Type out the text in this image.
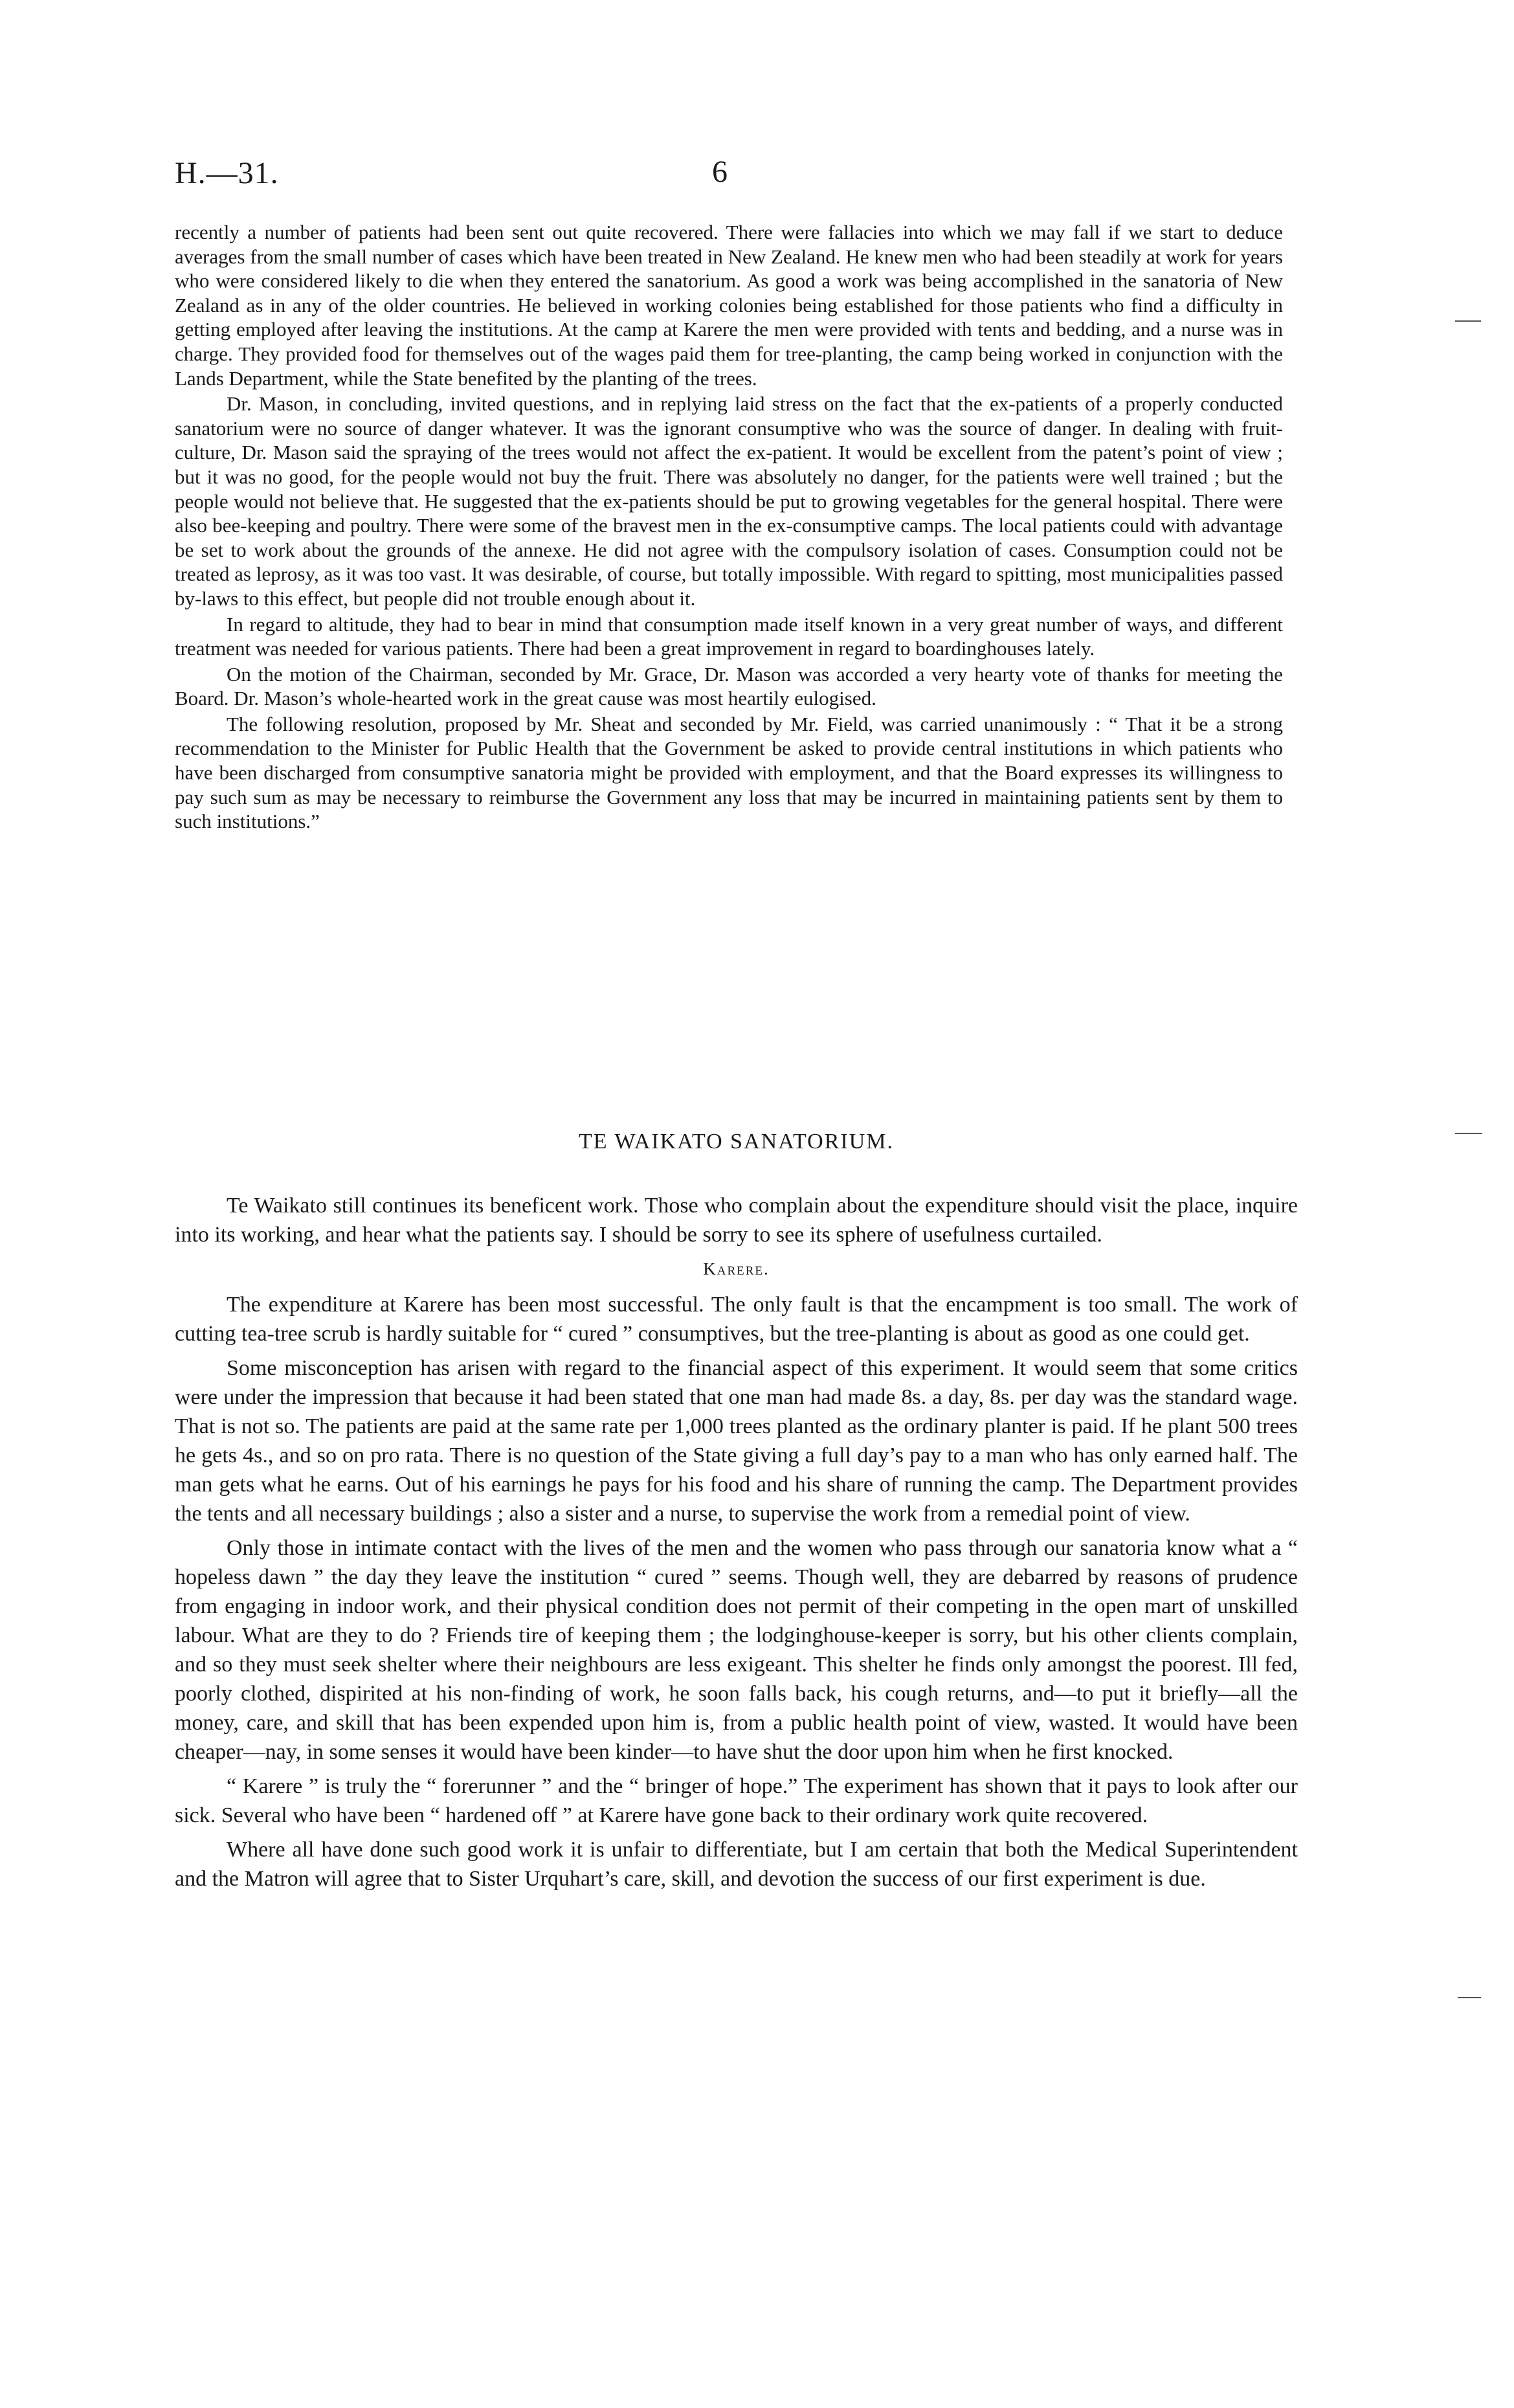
H.—31.	6

recently a number of patients had been sent out quite recovered. There were fallacies into which we may fall if we start to deduce averages from the small number of cases which have been treated in New Zealand. He knew men who had been steadily at work for years who were considered likely to die when they entered the sanatorium. As good a work was being accomplished in the sanatoria of New Zealand as in any of the older countries. He believed in working colonies being established for those patients who find a difficulty in getting employed after leaving the institutions. At the camp at Karere the men were provided with tents and bedding, and a nurse was in charge. They provided food for themselves out of the wages paid them for tree-planting, the camp being worked in conjunction with the Lands Department, while the State benefited by the planting of the trees.

Dr. Mason, in concluding, invited questions, and in replying laid stress on the fact that the ex-patients of a properly conducted sanatorium were no source of danger whatever. It was the ignorant consumptive who was the source of danger. In dealing with fruit-culture, Dr. Mason said the spraying of the trees would not affect the ex-patient. It would be excellent from the patent’s point of view ; but it was no good, for the people would not buy the fruit. There was absolutely no danger, for the patients were well trained ; but the people would not believe that. He suggested that the ex-patients should be put to growing vegetables for the general hospital. There were also bee-keeping and poultry. There were some of the bravest men in the ex-consumptive camps. The local patients could with advantage be set to work about the grounds of the annexe. He did not agree with the compulsory isolation of cases. Consumption could not be treated as leprosy, as it was too vast. It was desirable, of course, but totally impossible. With regard to spitting, most municipalities passed by-laws to this effect, but people did not trouble enough about it.

In regard to altitude, they had to bear in mind that consumption made itself known in a very great number of ways, and different treatment was needed for various patients. There had been a great improvement in regard to boardinghouses lately.

On the motion of the Chairman, seconded by Mr. Grace, Dr. Mason was accorded a very hearty vote of thanks for meeting the Board. Dr. Mason’s whole-hearted work in the great cause was most heartily eulogised.

The following resolution, proposed by Mr. Sheat and seconded by Mr. Field, was carried unanimously : “ That it be a strong recommendation to the Minister for Public Health that the Government be asked to provide central institutions in which patients who have been discharged from consumptive sanatoria might be provided with employment, and that the Board expresses its willingness to pay such sum as may be necessary to reimburse the Government any loss that may be incurred in maintaining patients sent by them to such institutions.”

TE WAIKATO SANATORIUM.

Te Waikato still continues its beneficent work. Those who complain about the expenditure should visit the place, inquire into its working, and hear what the patients say. I should be sorry to see its sphere of usefulness curtailed.

Karere.

The expenditure at Karere has been most successful. The only fault is that the encampment is too small. The work of cutting tea-tree scrub is hardly suitable for “ cured ” consumptives, but the tree-planting is about as good as one could get.

Some misconception has arisen with regard to the financial aspect of this experiment. It would seem that some critics were under the impression that because it had been stated that one man had made 8s. a day, 8s. per day was the standard wage. That is not so. The patients are paid at the same rate per 1,000 trees planted as the ordinary planter is paid. If he plant 500 trees he gets 4s., and so on pro rata. There is no question of the State giving a full day’s pay to a man who has only earned half. The man gets what he earns. Out of his earnings he pays for his food and his share of running the camp. The Department provides the tents and all necessary buildings ; also a sister and a nurse, to supervise the work from a remedial point of view.

Only those in intimate contact with the lives of the men and the women who pass through our sanatoria know what a “ hopeless dawn ” the day they leave the institution “ cured ” seems. Though well, they are debarred by reasons of prudence from engaging in indoor work, and their physical condition does not permit of their competing in the open mart of unskilled labour. What are they to do ? Friends tire of keeping them ; the lodginghouse-keeper is sorry, but his other clients complain, and so they must seek shelter where their neighbours are less exigeant. This shelter he finds only amongst the poorest. Ill fed, poorly clothed, dispirited at his non-finding of work, he soon falls back, his cough returns, and—to put it briefly—all the money, care, and skill that has been expended upon him is, from a public health point of view, wasted. It would have been cheaper—nay, in some senses it would have been kinder—to have shut the door upon him when he first knocked.

“ Karere ” is truly the “ forerunner ” and the “ bringer of hope.” The experiment has shown that it pays to look after our sick. Several who have been “ hardened off ” at Karere have gone back to their ordinary work quite recovered.

Where all have done such good work it is unfair to differentiate, but I am certain that both the Medical Superintendent and the Matron will agree that to Sister Urquhart’s care, skill, and devotion the success of our first experiment is due.
